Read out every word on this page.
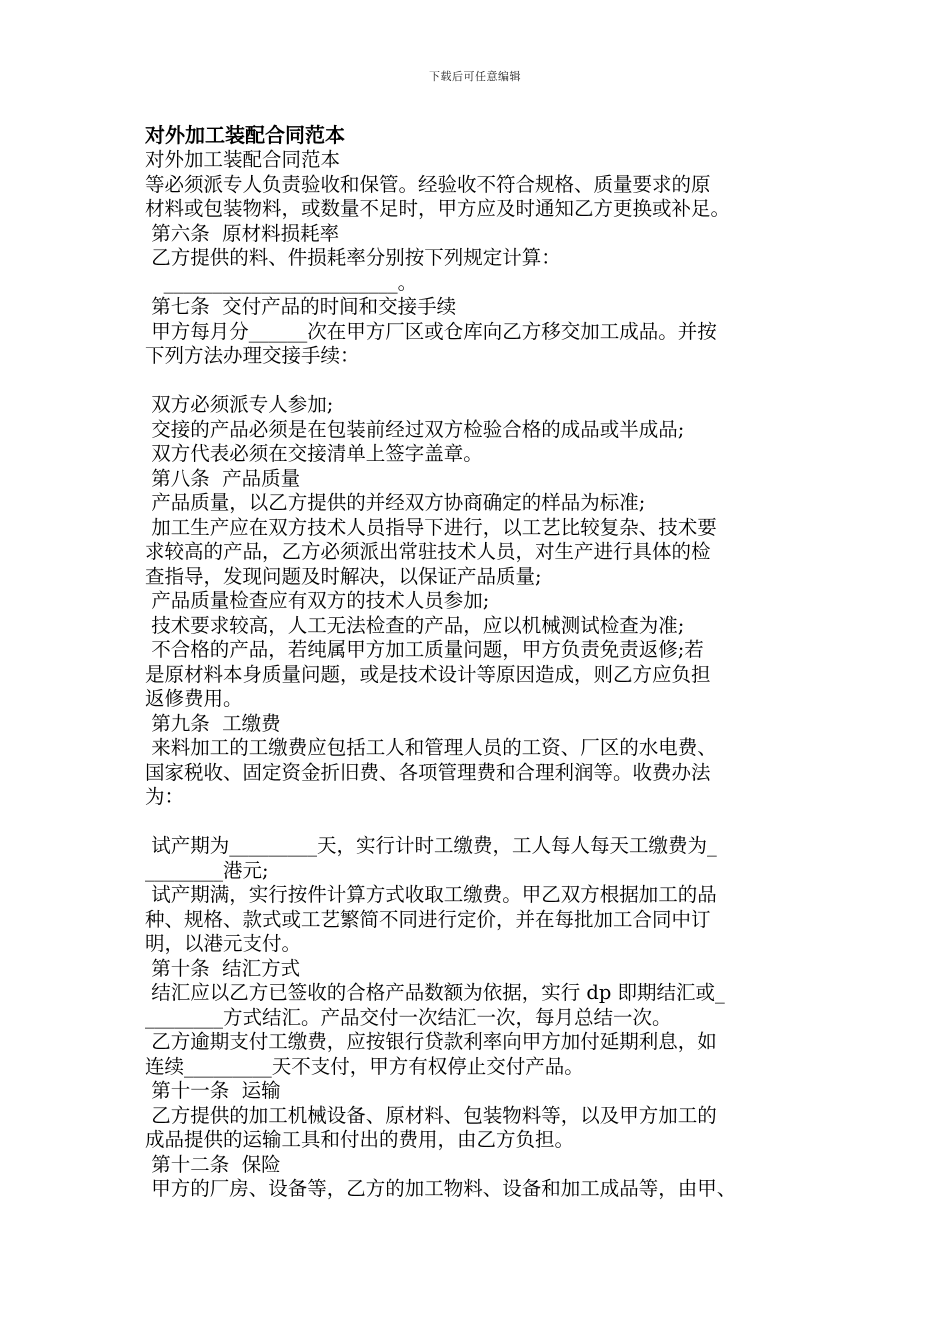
下载后可任意编辑
对外加工装配合同范本
对外加工装配合同范本
等必须派专人负责验收和保管。经验收不符合规格、质量要求的原
材料或包装物料，或数量不足时，甲方应及时通知乙方更换或补足。
第六条  原材料损耗率
乙方提供的料、件损耗率分别按下列规定计算：
________________________。
第七条  交付产品的时间和交接手续
甲方每月分______次在甲方厂区或仓库向乙方移交加工成品。并按
下列方法办理交接手续：
双方必须派专人参加;
交接的产品必须是在包装前经过双方检验合格的成品或半成品;
双方代表必须在交接清单上签字盖章。
第八条  产品质量
产品质量，以乙方提供的并经双方协商确定的样品为标准;
加工生产应在双方技术人员指导下进行，以工艺比较复杂、技术要
求较高的产品，乙方必须派出常驻技术人员，对生产进行具体的检
查指导，发现问题及时解决，以保证产品质量;
产品质量检查应有双方的技术人员参加;
技术要求较高，人工无法检查的产品，应以机械测试检查为准;
不合格的产品，若纯属甲方加工质量问题，甲方负责免责返修;若
是原材料本身质量问题，或是技术设计等原因造成，则乙方应负担
返修费用。
第九条  工缴费
来料加工的工缴费应包括工人和管理人员的工资、厂区的水电费、
国家税收、固定资金折旧费、各项管理费和合理利润等。收费办法
为：
试产期为_________天，实行计时工缴费，工人每人每天工缴费为_
________港元;
试产期满，实行按件计算方式收取工缴费。甲乙双方根据加工的品
种、规格、款式或工艺繁简不同进行定价，并在每批加工合同中订
明，以港元支付。
第十条  结汇方式
结汇应以乙方已签收的合格产品数额为依据，实行 dp 即期结汇或_
________方式结汇。产品交付一次结汇一次，每月总结一次。
乙方逾期支付工缴费，应按银行贷款利率向甲方加付延期利息，如
连续_________天不支付，甲方有权停止交付产品。
第十一条  运输
乙方提供的加工机械设备、原材料、包装物料等，以及甲方加工的
成品提供的运输工具和付出的费用，由乙方负担。
第十二条  保险
甲方的厂房、设备等，乙方的加工物料、设备和加工成品等，由甲、
